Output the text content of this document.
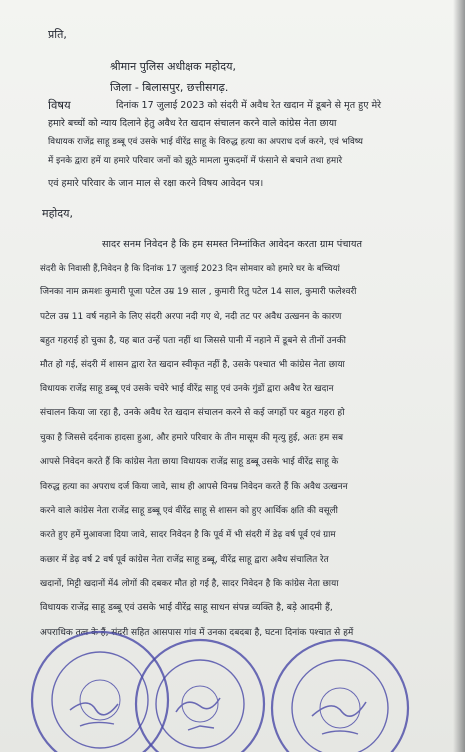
प्रति,

श्रीमान पुलिस अधीक्षक महोदय,

जिला - बिलासपुर, छत्तीसगढ़.

विषय	दिनांक 17 जुलाई 2023 को संदरी में अवैध रेत खदान में डूबने से मृत हुए मेरे

हमारे बच्चों को न्याय दिलाने हेतु अवैध रेत खदान संचालन करने वाले कांग्रेस नेता छाया

विधायक राजेंद्र साहू डब्बू एवं उसके भाई वीरेंद्र साहू के विरुद्ध हत्या का अपराध दर्ज करने, एवं भविष्य

में इनके द्वारा हमें या हमारे परिवार जनों को झूठे मामला मुकदमों में फंसाने से बचाने तथा हमारे

एवं हमारे परिवार के जान माल से रक्षा करने विषय आवेदन पत्र।

महोदय,

सादर सनम निवेदन है कि हम समस्त निम्नांकित आवेदन करता ग्राम पंचायत

संदरी के निवासी हैं,निवेदन है कि दिनांक 17 जुलाई 2023 दिन सोमवार को हमारे घर के बच्चियां

जिनका नाम क्रमशः कुमारी पूजा पटेल उम्र 19 साल , कुमारी रितु पटेल 14 साल, कुमारी फलेश्वरी

पटेल उम्र 11 वर्ष नहाने के लिए संदरी अरपा नदी गए थे, नदी तट पर अवैध उत्खनन के कारण

बहुत गहराई हो चुका है, यह बात उन्हें पता नहीं था जिससे पानी में नहाने में डूबने से तीनों उनकी

मौत हो गई, संदरी में शासन द्वारा रेत खदान स्वीकृत नहीं है, उसके पश्चात भी कांग्रेस नेता छाया

विधायक राजेंद्र साहू डब्बू एवं उसके चचेरे भाई वीरेंद्र साहू एवं उनके गुंडों द्वारा अवैध रेत खदान

संचालन किया जा रहा है, उनके अवैध रेत खदान संचालन करने से कई जगहों पर बहुत गहरा हो

चुका है जिससे दर्दनाक हादसा हुआ, और हमारे परिवार के तीन मासूम की मृत्यु हुई, अतः हम सब

आपसे निवेदन करते हैं कि कांग्रेस नेता छाया विधायक राजेंद्र साहू डब्बू उसके भाई वीरेंद्र साहू के

विरुद्ध हत्या का अपराध दर्ज किया जावे, साथ ही आपसे विनम्र निवेदन करते हैं कि अवैध उत्खनन

करने वाले कांग्रेस नेता राजेंद्र साहू डब्बू एवं वीरेंद्र साहू से शासन को हुए आर्थिक क्षति की वसूली

करते हुए हमें मुआवजा दिया जावे, सादर निवेदन है कि पूर्व में भी संदरी में डेढ़ वर्ष पूर्व एवं ग्राम

कछार में डेढ़ वर्ष 2 वर्ष पूर्व कांग्रेस नेता राजेंद्र साहू डब्बू, वीरेंद्र साहू द्वारा अवैध संचालित रेत

खदानों, मिट्टी खदानों में4 लोगों की दबकर मौत हो गई है, सादर निवेदन है कि कांग्रेस नेता छाया

विधायक राजेंद्र साहू डब्बू एवं उसके भाई वीरेंद्र साहू साधन संपन्न व्यक्ति है, बड़े आदमी हैं,

अपराधिक तत्व के हैं, संदरी सहित आसपास गांव में उनका दबदबा है, घटना दिनांक पश्चात से हमें
